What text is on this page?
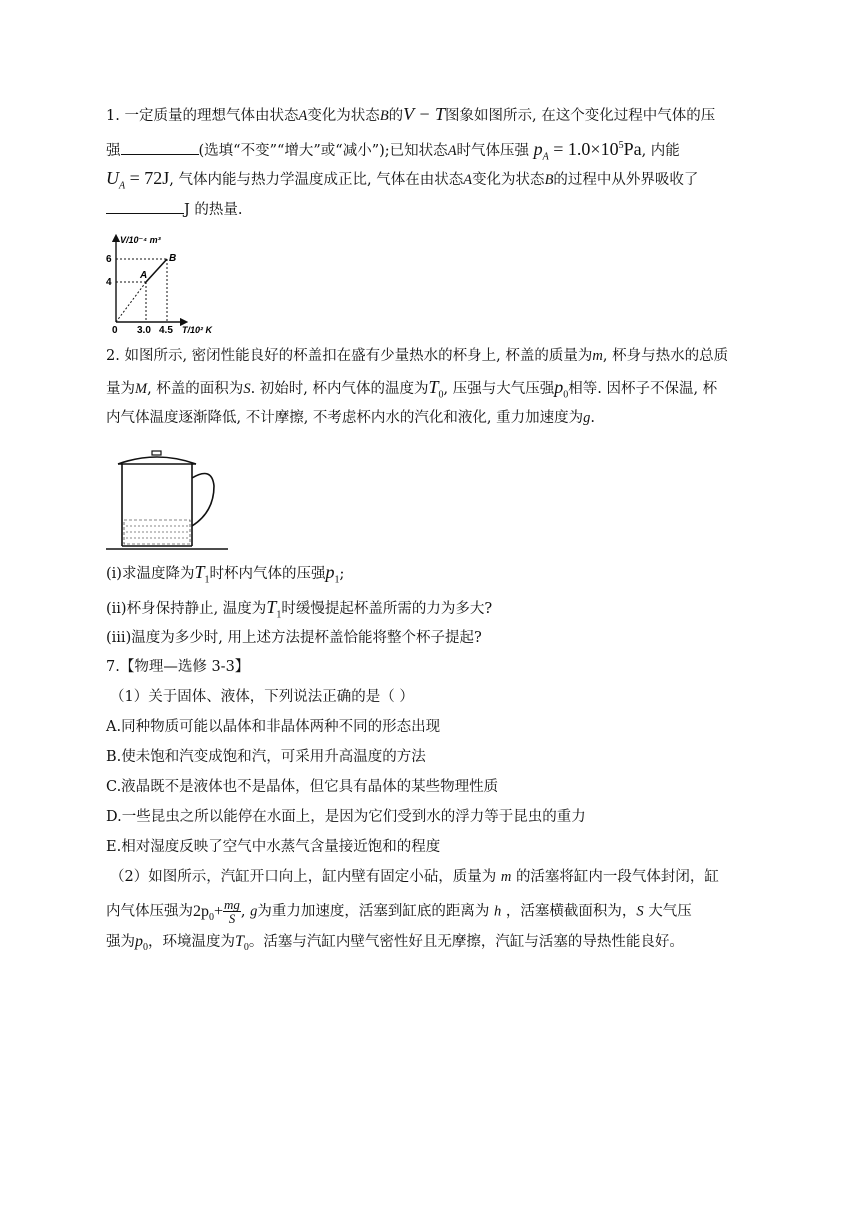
1. 一定质量的理想气体由状态A变化为状态B的V − T图象如图所示, 在这个变化过程中气体的压
强	(选填“不变”“增大”或“减小”);已知状态A时气体压强 $p_A = 1.0\times 10^5Pa$, 内能
$U_A = 72J$, 气体内能与热力学温度成正比, 气体在由状态A变化为状态B的过程中从外界吸收了
J 的热量.
V/10⁻⁴ m³
6
4
A
B
0 3.0 4.5 T/10² K
2. 如图所示, 密闭性能良好的杯盖扣在盛有少量热水的杯身上, 杯盖的质量为m, 杯身与热水的总质
量为M, 杯盖的面积为S. 初始时, 杯内气体的温度为$T_0$, 压强与大气压强$p_0$相等. 因杯子不保温, 杯
内气体温度逐渐降低, 不计摩擦, 不考虑杯内水的汽化和液化, 重力加速度为g.
(i)求温度降为$T_1$时杯内气体的压强$p_1$;
(ii)杯身保持静止, 温度为$T_1$时缓慢提起杯盖所需的力为多大?
(iii)温度为多少时, 用上述方法提杯盖恰能将整个杯子提起?
7.【物理—选修 3-3】
（1）关于固体、液体，下列说法正确的是（ ）
A.同种物质可能以晶体和非晶体两种不同的形态出现
B.使未饱和汽变成饱和汽，可采用升高温度的方法
C.液晶既不是液体也不是晶体，但它具有晶体的某些物理性质
D.一些昆虫之所以能停在水面上，是因为它们受到水的浮力等于昆虫的重力
E.相对湿度反映了空气中水蒸气含量接近饱和的程度
（2）如图所示，汽缸开口向上，缸内壁有固定小砧，质量为 m 的活塞将缸内一段气体封闭，缸
内气体压强为$2p_0+ \frac{mg}{S}$ , g为重力加速度，活塞到缸底的距离为 h ，活塞横截面积为，S 大气压
强为$p_0$，环境温度为$T_0$。活塞与汽缸内壁气密性好且无摩擦，汽缸与活塞的导热性能良好。
